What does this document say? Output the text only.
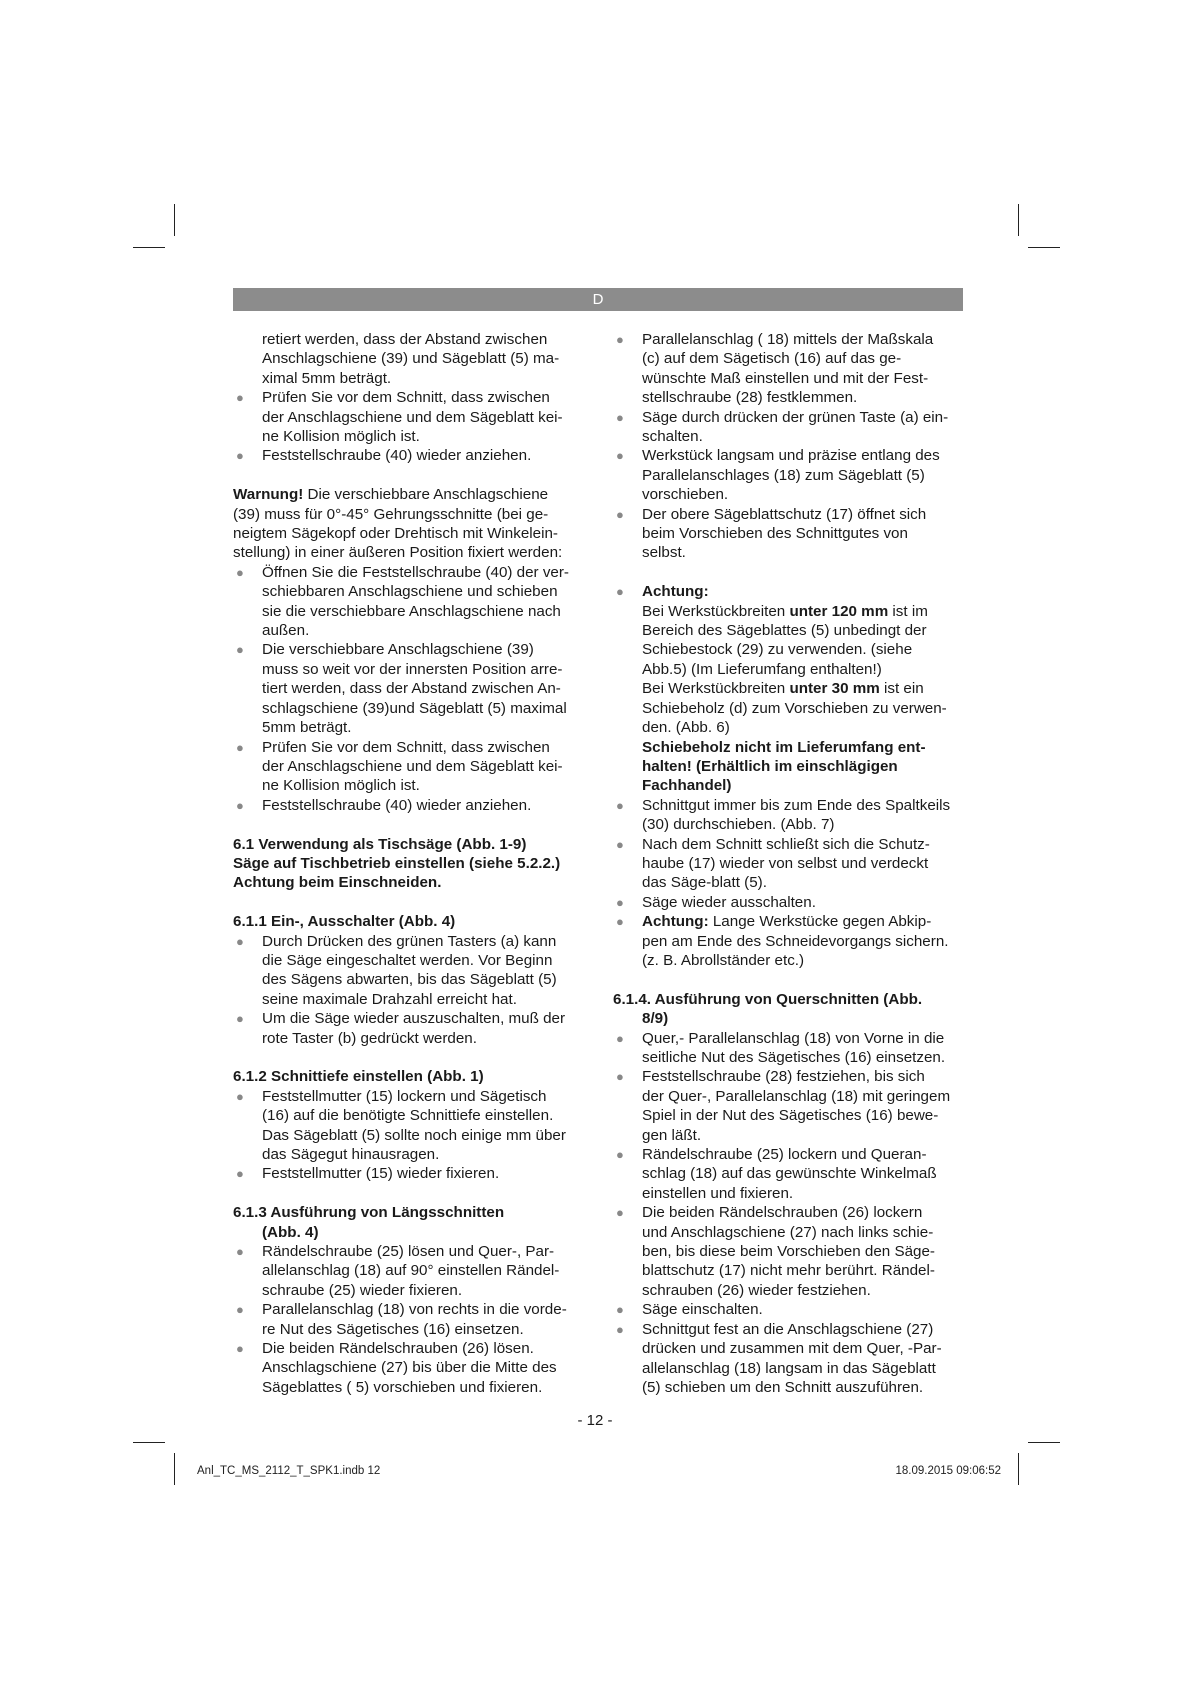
D

retiert werden, dass der Abstand zwischen

Anschlagschiene (39) und Sägeblatt (5) ma-

ximal 5mm beträgt.

● Prüfen Sie vor dem Schnitt, dass zwischen
der Anschlagschiene und dem Sägeblatt kei-
ne Kollision möglich ist.
● Feststellschraube (40) wieder anziehen.

Warnung! Die verschiebbare Anschlagschiene

(39) muss für 0°-45° Gehrungsschnitte (bei ge-

neigtem Sägekopf oder Drehtisch mit Winkelein-

stellung) in einer äußeren Position fixiert werden:

● Öffnen Sie die Feststellschraube (40) der ver-
schiebbaren Anschlagschiene und schieben
sie die verschiebbare Anschlagschiene nach
außen.
● Die verschiebbare Anschlagschiene (39)
muss so weit vor der innersten Position arre-
tiert werden, dass der Abstand zwischen An-
schlagschiene (39)und Sägeblatt (5) maximal
5mm beträgt.
● Prüfen Sie vor dem Schnitt, dass zwischen
der Anschlagschiene und dem Sägeblatt kei-
ne Kollision möglich ist.
● Feststellschraube (40) wieder anziehen.

6.1 Verwendung als Tischsäge (Abb. 1-9)

Säge auf Tischbetrieb einstellen (siehe 5.2.2.)

Achtung beim Einschneiden.

6.1.1 Ein-, Ausschalter (Abb. 4)

● Durch Drücken des grünen Tasters (a) kann
die Säge eingeschaltet werden. Vor Beginn
des Sägens abwarten, bis das Sägeblatt (5)
seine maximale Drahzahl erreicht hat.
● Um die Säge wieder auszuschalten, muß der
rote Taster (b) gedrückt werden.

6.1.2 Schnittiefe einstellen (Abb. 1)

● Feststellmutter (15) lockern und Sägetisch
(16) auf die benötigte Schnittiefe einstellen.
Das Sägeblatt (5) sollte noch einige mm über
das Sägegut hinausragen.
● Feststellmutter (15) wieder fixieren.

6.1.3 Ausführung von Längsschnitten
(Abb. 4)

● Rändelschraube (25) lösen und Quer-, Par-
allelanschlag (18) auf 90° einstellen Rändel-
schraube (25) wieder fixieren.
● Parallelanschlag (18) von rechts in die vorde-
re Nut des Sägetisches (16) einsetzen.
● Die beiden Rändelschrauben (26) lösen.
Anschlagschiene (27) bis über die Mitte des
Sägeblattes ( 5) vorschieben und fixieren.
● Parallelanschlag ( 18) mittels der Maßskala
(c) auf dem Sägetisch (16) auf das ge-
wünschte Maß einstellen und mit der Fest-
stellschraube (28) festklemmen.
● Säge durch drücken der grünen Taste (a) ein-
schalten.
● Werkstück langsam und präzise entlang des
Parallelanschlages (18) zum Sägeblatt (5)
vorschieben.
● Der obere Sägeblattschutz (17) öffnet sich
beim Vorschieben des Schnittgutes von
selbst.
● Achtung:
Bei Werkstückbreiten unter 120 mm ist im
Bereich des Sägeblattes (5) unbedingt der
Schiebestock (29) zu verwenden. (siehe
Abb.5) (Im Lieferumfang enthalten!)
Bei Werkstückbreiten unter 30 mm ist ein
Schiebeholz (d) zum Vorschieben zu verwen-
den. (Abb. 6)
Schiebeholz nicht im Lieferumfang ent-
halten! (Erhältlich im einschlägigen
Fachhandel)
● Schnittgut immer bis zum Ende des Spaltkeils
(30) durchschieben. (Abb. 7)
● Nach dem Schnitt schließt sich die Schutz-
haube (17) wieder von selbst und verdeckt
das Säge-blatt (5).
● Säge wieder ausschalten.
● Achtung: Lange Werkstücke gegen Abkip-
pen am Ende des Schneidevorgangs sichern.
(z. B. Abrollständer etc.)

6.1.4. Ausführung von Querschnitten (Abb.
8/9)

● Quer,- Parallelanschlag (18) von Vorne in die
seitliche Nut des Sägetisches (16) einsetzen.
● Feststellschraube (28) festziehen, bis sich
der Quer-, Parallelanschlag (18) mit geringem
Spiel in der Nut des Sägetisches (16) bewe-
gen läßt.
● Rändelschraube (25) lockern und Queran-
schlag (18) auf das gewünschte Winkelmaß
einstellen und fixieren.
● Die beiden Rändelschrauben (26) lockern
und Anschlagschiene (27) nach links schie-
ben, bis diese beim Vorschieben den Säge-
blattschutz (17) nicht mehr berührt. Rändel-
schrauben (26) wieder festziehen.
● Säge einschalten.
● Schnittgut fest an die Anschlagschiene (27)
drücken und zusammen mit dem Quer, -Par-
allelanschlag (18) langsam in das Sägeblatt
(5) schieben um den Schnitt auszuführen.
- 12 -
Anl_TC_MS_2112_T_SPK1.indb 12	18.09.2015 09:06:52
